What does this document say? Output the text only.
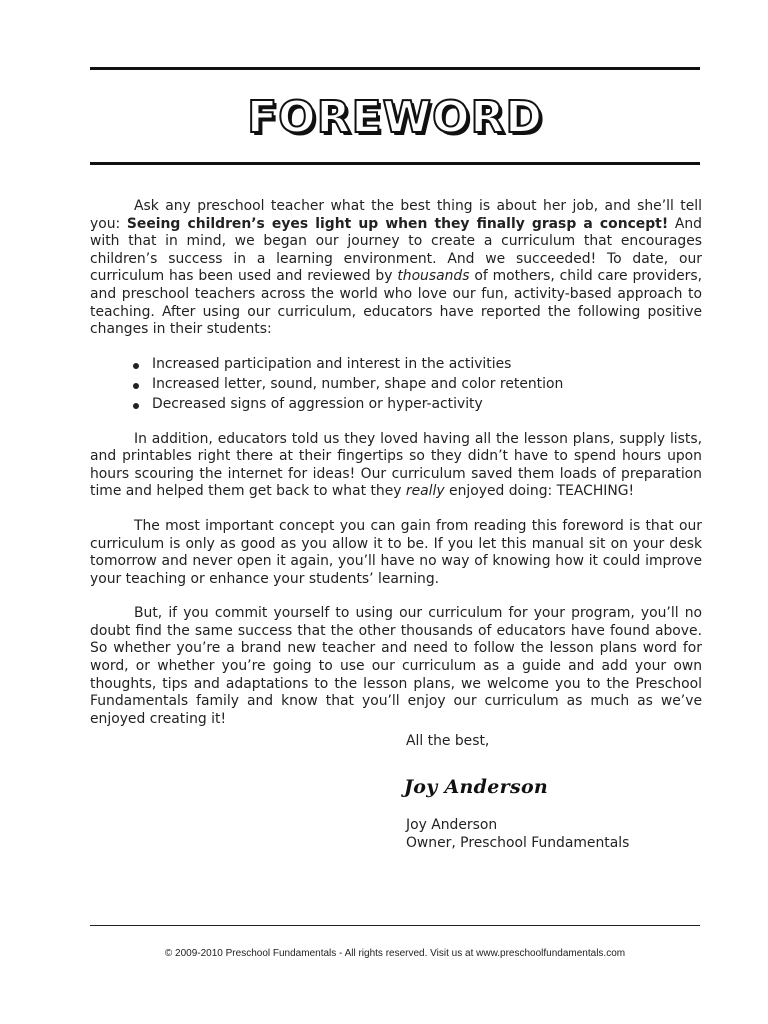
FOREWORD

Ask any preschool teacher what the best thing is about her job, and she’ll tell you: Seeing children’s eyes light up when they finally grasp a concept! And with that in mind, we began our journey to create a curriculum that encourages children’s success in a learning environment. And we succeeded! To date, our curriculum has been used and reviewed by thousands of mothers, child care providers, and preschool teachers across the world who love our fun, activity-based approach to teaching. After using our curriculum, educators have reported the following positive changes in their students:

Increased participation and interest in the activities
Increased letter, sound, number, shape and color retention
Decreased signs of aggression or hyper-activity

In addition, educators told us they loved having all the lesson plans, supply lists, and printables right there at their fingertips so they didn’t have to spend hours upon hours scouring the internet for ideas! Our curriculum saved them loads of preparation time and helped them get back to what they really enjoyed doing: TEACHING!

The most important concept you can gain from reading this foreword is that our curriculum is only as good as you allow it to be. If you let this manual sit on your desk tomorrow and never open it again, you’ll have no way of knowing how it could improve your teaching or enhance your students’ learning.

But, if you commit yourself to using our curriculum for your program, you’ll no doubt find the same success that the other thousands of educators have found above. So whether you’re a brand new teacher and need to follow the lesson plans word for word, or whether you’re going to use our curriculum as a guide and add your own thoughts, tips and adaptations to the lesson plans, we welcome you to the Preschool Fundamentals family and know that you’ll enjoy our curriculum as much as we’ve enjoyed creating it!

All the best,
Joy Anderson
Joy Anderson
Owner, Preschool Fundamentals
© 2009-2010 Preschool Fundamentals - All rights reserved. Visit us at www.preschoolfundamentals.com
